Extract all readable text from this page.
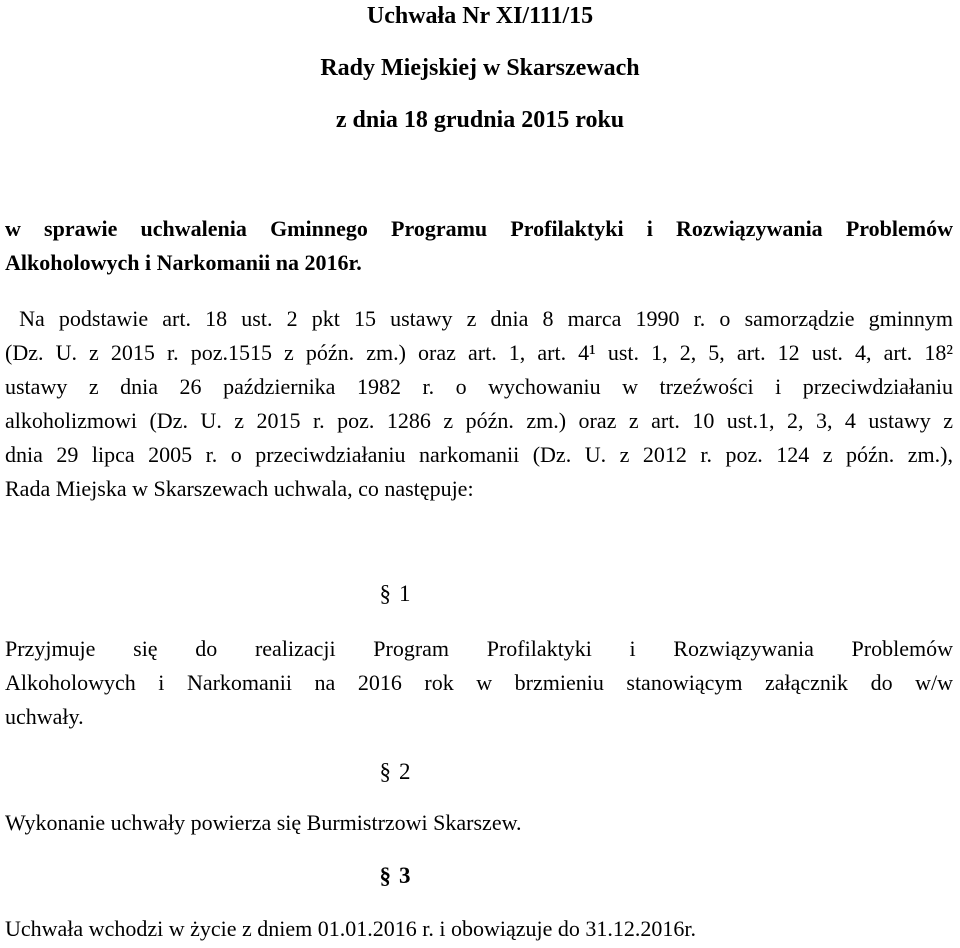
Uchwała Nr XI/111/15

Rady Miejskiej w Skarszewach

z dnia 18 grudnia 2015 roku

w sprawie uchwalenia Gminnego Programu Profilaktyki i Rozwiązywania Problemów
Alkoholowych i Narkomanii na 2016r.
Na podstawie art. 18 ust. 2 pkt 15 ustawy z dnia 8 marca 1990 r. o samorządzie gminnym
(Dz. U. z 2015 r. poz.1515 z późn. zm.) oraz art. 1, art. 4¹ ust. 1, 2, 5, art. 12 ust. 4, art. 18²
ustawy z dnia 26 października 1982 r. o wychowaniu w trzeźwości i przeciwdziałaniu
alkoholizmowi (Dz. U. z 2015 r. poz. 1286 z późn. zm.) oraz z art. 10 ust.1, 2, 3, 4 ustawy z
dnia 29 lipca 2005 r. o przeciwdziałaniu narkomanii (Dz. U. z 2012 r. poz. 124 z późn. zm.),
Rada Miejska w Skarszewach uchwala, co następuje:

§ 1

Przyjmuje się do realizacji Program Profilaktyki i Rozwiązywania Problemów
Alkoholowych i Narkomanii na 2016 rok w brzmieniu stanowiącym załącznik do w/w
uchwały.

§ 2

Wykonanie uchwały powierza się Burmistrzowi Skarszew.

§ 3

Uchwała wchodzi w życie z dniem 01.01.2016 r. i obowiązuje do 31.12.2016r.
